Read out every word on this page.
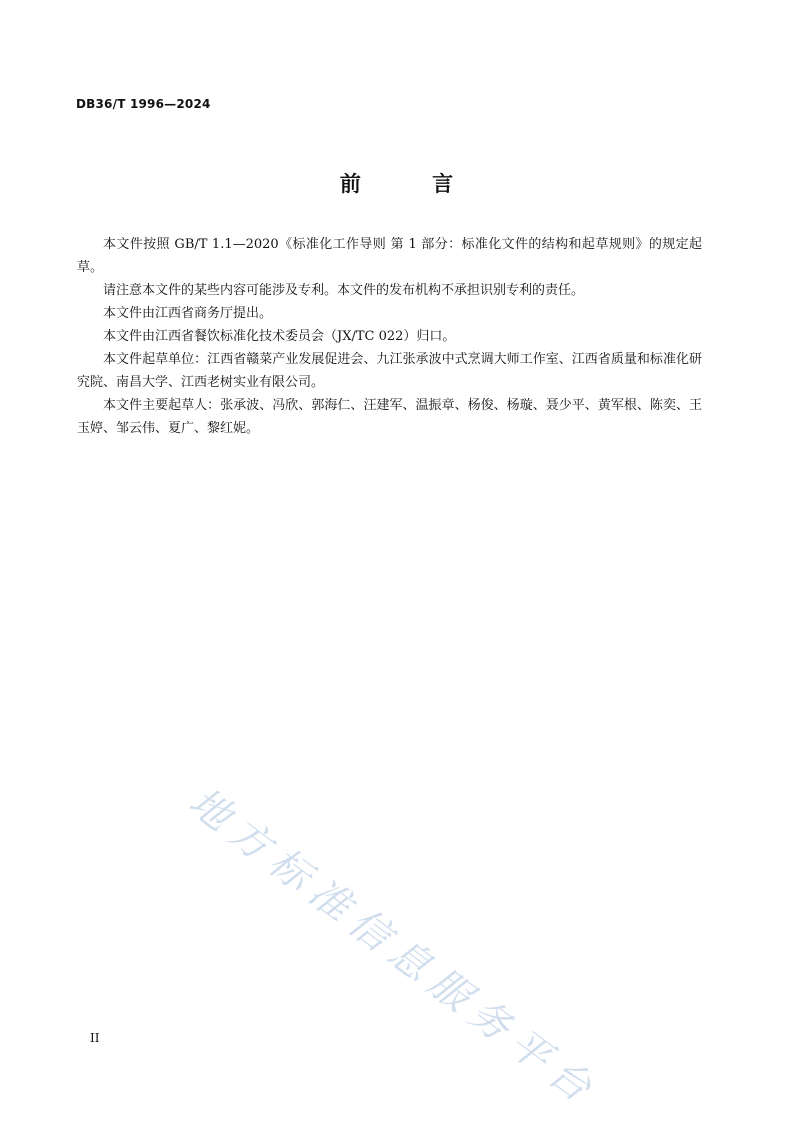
DB36/T 1996—2024
前 言

本文件按照 GB/T 1.1—2020《标准化工作导则 第 1 部分：标准化文件的结构和起草规则》的规定起草。

请注意本文件的某些内容可能涉及专利。本文件的发布机构不承担识别专利的责任。

本文件由江西省商务厅提出。

本文件由江西省餐饮标准化技术委员会（JX/TC 022）归口。

本文件起草单位：江西省赣菜产业发展促进会、九江张承波中式烹调大师工作室、江西省质量和标准化研究院、南昌大学、江西老树实业有限公司。

本文件主要起草人：张承波、冯欣、郭海仁、汪建军、温振章、杨俊、杨璇、聂少平、黄军根、陈奕、王玉婷、邹云伟、夏广、黎红妮。

地方标准信息服务平台
II
